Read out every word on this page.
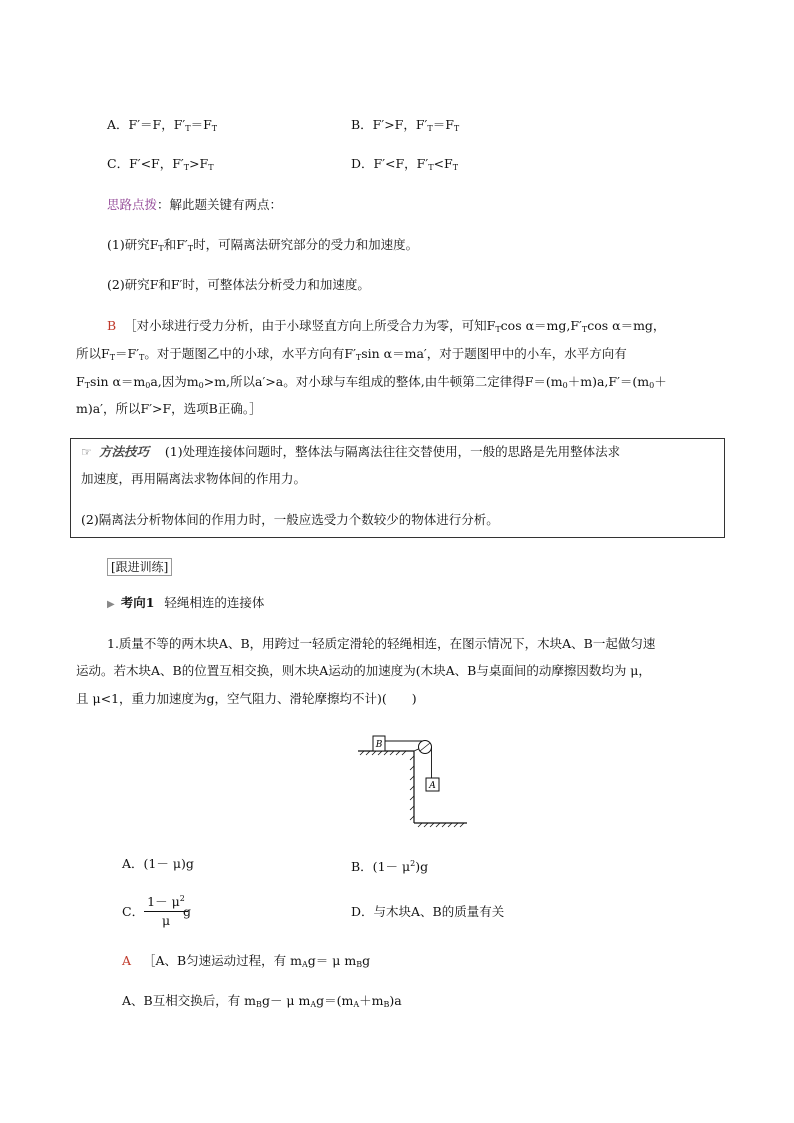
A．F′＝F，$F'_T=F_T$	B．F′>F，$F'_T=F_T$
C．F′<F，$F'_T>F_T$	D．F′<F，$F'_T<F_T$
思路点拨：解此题关键有两点：
(1)研究$F_T$和$F'_T$时，可隔离法研究部分的受力和加速度。
(2)研究F和F′时，可整体法分析受力和加速度。
B ［对小球进行受力分析，由于小球竖直方向上所受合力为零，可知$F_T\cos$ $\alpha=mg,F'_T\cos$ α＝mg，
所以$F_T=F'_T$。对于题图乙中的小球，水平方向有$F'_T\sin$ α＝ma′，对于题图甲中的小车，水平方向有
$F_T\sin$ $\alpha=m_0a$,因为$m_0>m$,所以a′>a。对小球与车组成的整体,由牛顿第二定律得$F=(m_0+m)a,F'=(m_0+$
m)a′，所以F′>F，选项B正确。］
☞ 方法技巧 (1)处理连接体问题时，整体法与隔离法往往交替使用，一般的思路是先用整体法求
加速度，再用隔离法求物体间的作用力。
(2)隔离法分析物体间的作用力时，一般应选受力个数较少的物体进行分析。
[跟进训练]
▶ 考向1 轻绳相连的连接体
1.质量不等的两木块A、B，用跨过一轻质定滑轮的轻绳相连，在图示情况下，木块A、B一起做匀速
运动。若木块A、B的位置互相交换，则木块A运动的加速度为(木块A、B与桌面间的动摩擦因数均为 μ，
且 μ<1，重力加速度为g，空气阻力、滑轮摩擦均不计)(　　)
B
A
A．(1－ μ)g	B．$(1- \mu^2)g$
C． $\frac{1- \mu^2}{\mu}$
g	D．与木块A、B的质量有关
A ［A、B匀速运动过程，有 $m_Ag= \mu$ $m_Bg$
A、B互相交换后，有 $m_Bg- \mu$ $m_Ag=(m_A+m_B)a$
